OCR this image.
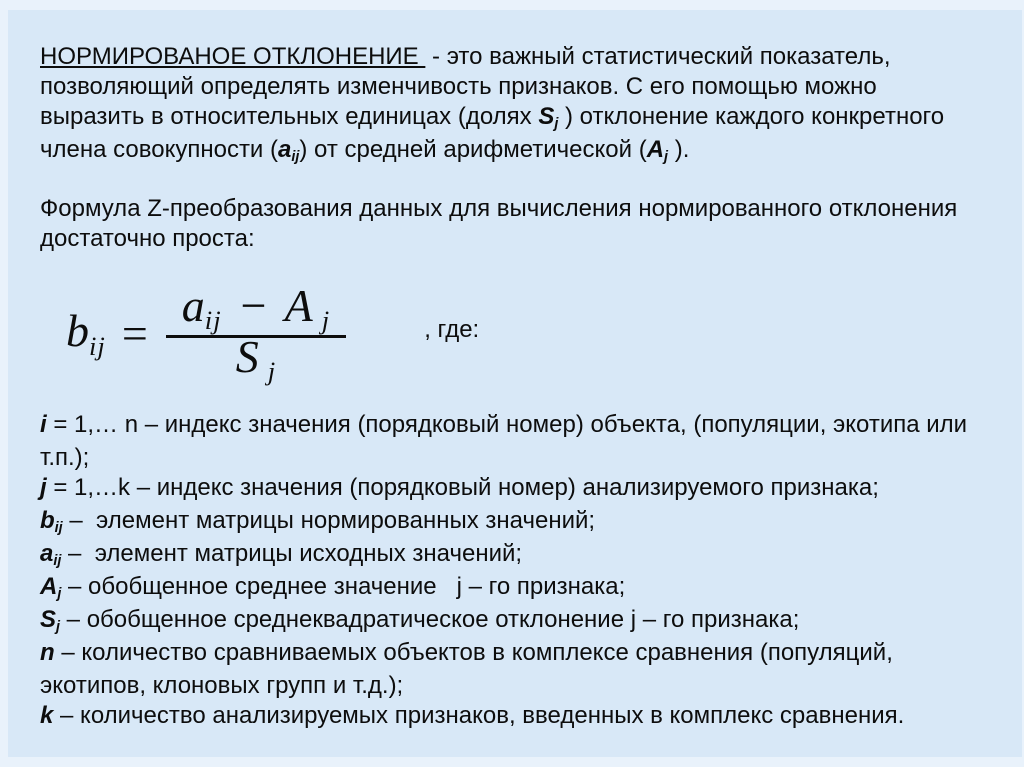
НОРМИРОВАНОЕ ОТКЛОНЕНИЕ  - это важный статистический показатель, позволяющий определять изменчивость признаков. С его помощью можно выразить в относительных единицах (долях Sj ) отклонение каждого конкретного члена совокупности (aij) от средней арифметической (Aj ).
Формула Z-преобразования данных для вычисления нормированного отклонения достаточно проста:
bij = $\frac{\text{aij − A j}}{\text{S j}}$	, где:
i = 1,… n – индекс значения (порядковый номер) объекта, (популяции, экотипа или т.п.);
j = 1,…k – индекс значения (порядковый номер) анализируемого признака;
bij –  элемент матрицы нормированных значений;
aij –  элемент матрицы исходных значений;
Aj – обобщенное среднее значение   j – го признака;
Sj – обобщенное среднеквадратическое отклонение j – го признака;
n – количество сравниваемых объектов в комплексе сравнения (популяций, экотипов, клоновых групп и т.д.);
k – количество анализируемых признаков, введенных в комплекс сравнения.
